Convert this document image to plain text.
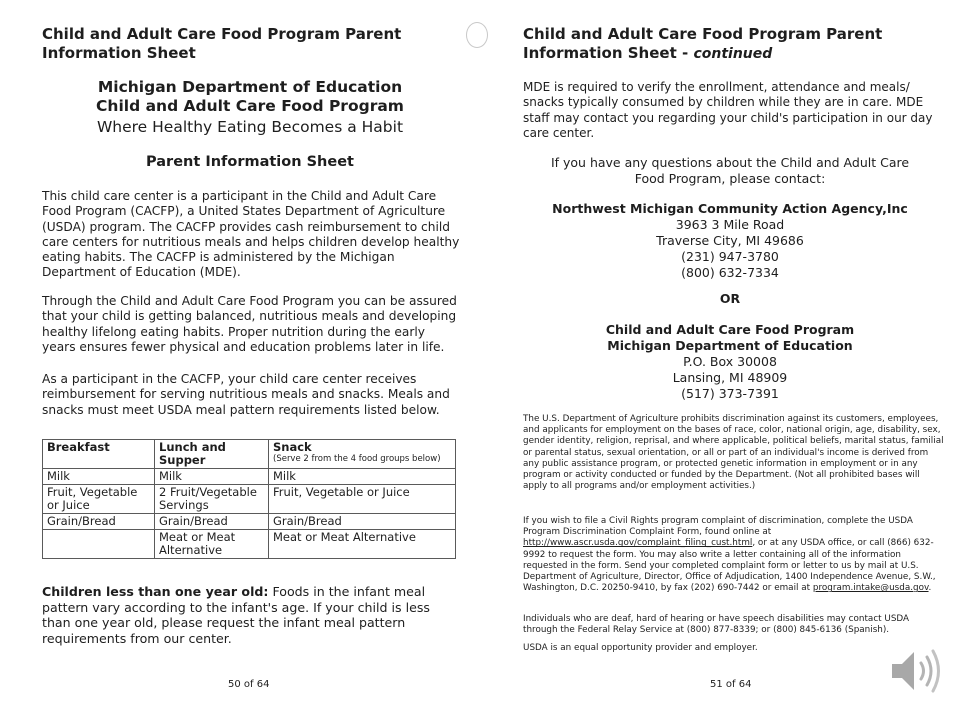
Child and Adult Care Food Program Parent
Information Sheet
Michigan Department of Education
Child and Adult Care Food Program
Where Healthy Eating Becomes a Habit
Parent Information Sheet
This child care center is a participant in the Child and Adult Care Food Program (CACFP), a United States Department of Agriculture (USDA) program. The CACFP provides cash reimbursement to child care centers for nutritious meals and helps children develop healthy eating habits. The CACFP is administered by the Michigan Department of Education (MDE).
Through the Child and Adult Care Food Program you can be assured that your child is getting balanced, nutritious meals and developing healthy lifelong eating habits. Proper nutrition during the early years ensures fewer physical and education problems later in life.
As a participant in the CACFP, your child care center receives reimbursement for serving nutritious meals and snacks. Meals and snacks must meet USDA meal pattern requirements listed below.
Breakfast	Lunch and Supper	Snack
(Serve 2 from the 4 food groups below)

Milk	Milk	Milk
Fruit, Vegetable or Juice	2 Fruit/Vegetable Servings	Fruit, Vegetable or Juice
Grain/Bread	Grain/Bread	Grain/Bread
	Meat or Meat Alternative	Meat or Meat Alternative
Children less than one year old: Foods in the infant meal pattern vary according to the infant's age. If your child is less than one year old, please request the infant meal pattern requirements from our center.
50 of 64
Child and Adult Care Food Program Parent
Information Sheet - continued
MDE is required to verify the enrollment, attendance and meals/ snacks typically consumed by children while they are in care. MDE staff may contact you regarding your child's participation in our day care center.
If you have any questions about the Child and Adult Care
Food Program, please contact:
Northwest Michigan Community Action Agency,Inc
3963 3 Mile Road
Traverse City, MI 49686
(231) 947-3780
(800) 632-7334
OR
Child and Adult Care Food Program
Michigan Department of Education
P.O. Box 30008
Lansing, MI 48909
(517) 373-7391
The U.S. Department of Agriculture prohibits discrimination against its customers, employees, and applicants for employment on the bases of race, color, national origin, age, disability, sex, gender identity, religion, reprisal, and where applicable, political beliefs, marital status, familial or parental status, sexual orientation, or all or part of an individual's income is derived from any public assistance program, or protected genetic information in employment or in any program or activity conducted or funded by the Department. (Not all prohibited bases will apply to all programs and/or employment activities.)
If you wish to file a Civil Rights program complaint of discrimination, complete the USDA Program Discrimination Complaint Form, found online at http://www.ascr.usda.gov/complaint_filing_cust.html, or at any USDA office, or call (866) 632-9992 to request the form. You may also write a letter containing all of the information requested in the form. Send your completed complaint form or letter to us by mail at U.S. Department of Agriculture, Director, Office of Adjudication, 1400 Independence Avenue, S.W., Washington, D.C. 20250-9410, by fax (202) 690-7442 or email at program.intake@usda.gov.
Individuals who are deaf, hard of hearing or have speech disabilities may contact USDA through the Federal Relay Service at (800) 877-8339; or (800) 845-6136 (Spanish).
USDA is an equal opportunity provider and employer.
51 of 64
